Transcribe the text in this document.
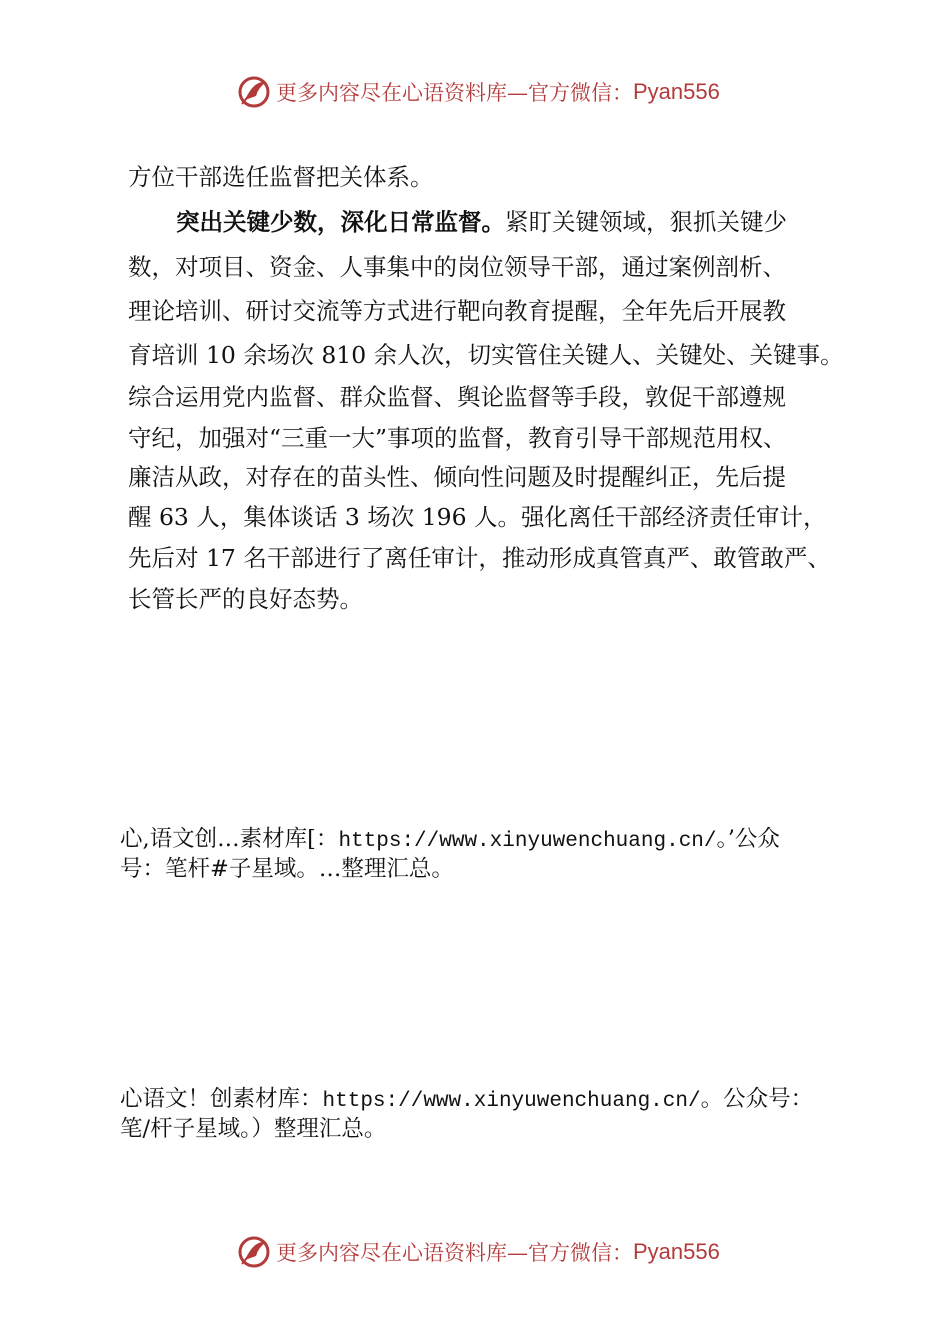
更多内容尽在心语资料库—官方微信： Pyan556
方位干部选任监督把关体系。
突出关键少数，深化日常监督。紧盯关键领域，狠抓关键少
数，对项目、资金、人事集中的岗位领导干部，通过案例剖析、
理论培训、研讨交流等方式进行靶向教育提醒，全年先后开展教
育培训 10 余场次 810 余人次，切实管住关键人、关键处、关键事。
综合运用党内监督、群众监督、舆论监督等手段，敦促干部遵规
守纪，加强对“三重一大”事项的监督，教育引导干部规范用权、
廉洁从政，对存在的苗头性、倾向性问题及时提醒纠正，先后提
醒 63 人，集体谈话 3 场次 196 人。强化离任干部经济责任审计，
先后对 17 名干部进行了离任审计，推动形成真管真严、敢管敢严、
长管长严的良好态势。
心,语文创…素材库[：https://www.xinyuwenchuang.cn/。’公众
号：笔杆#子星域。…整理汇总。
心语文！创素材库：https://www.xinyuwenchuang.cn/。公众号：
笔/杆子星域。）整理汇总。
更多内容尽在心语资料库—官方微信： Pyan556
